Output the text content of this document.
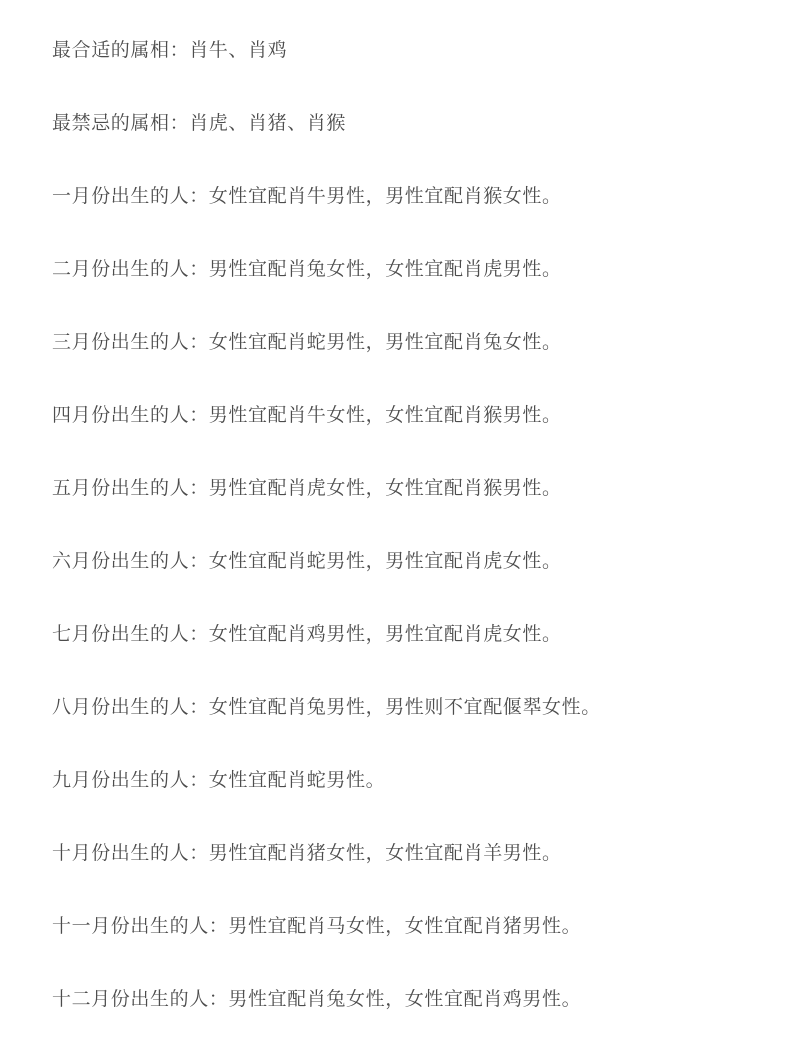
最合适的属相：肖牛、肖鸡

最禁忌的属相：肖虎、肖猪、肖猴

一月份出生的人：女性宜配肖牛男性，男性宜配肖猴女性。

二月份出生的人：男性宜配肖兔女性，女性宜配肖虎男性。

三月份出生的人：女性宜配肖蛇男性，男性宜配肖兔女性。

四月份出生的人：男性宜配肖牛女性，女性宜配肖猴男性。

五月份出生的人：男性宜配肖虎女性，女性宜配肖猴男性。

六月份出生的人：女性宜配肖蛇男性，男性宜配肖虎女性。

七月份出生的人：女性宜配肖鸡男性，男性宜配肖虎女性。

八月份出生的人：女性宜配肖兔男性，男性则不宜配偃翆女性。

九月份出生的人：女性宜配肖蛇男性。

十月份出生的人：男性宜配肖猪女性，女性宜配肖羊男性。

十一月份出生的人：男性宜配肖马女性，女性宜配肖猪男性。

十二月份出生的人：男性宜配肖兔女性，女性宜配肖鸡男性。
